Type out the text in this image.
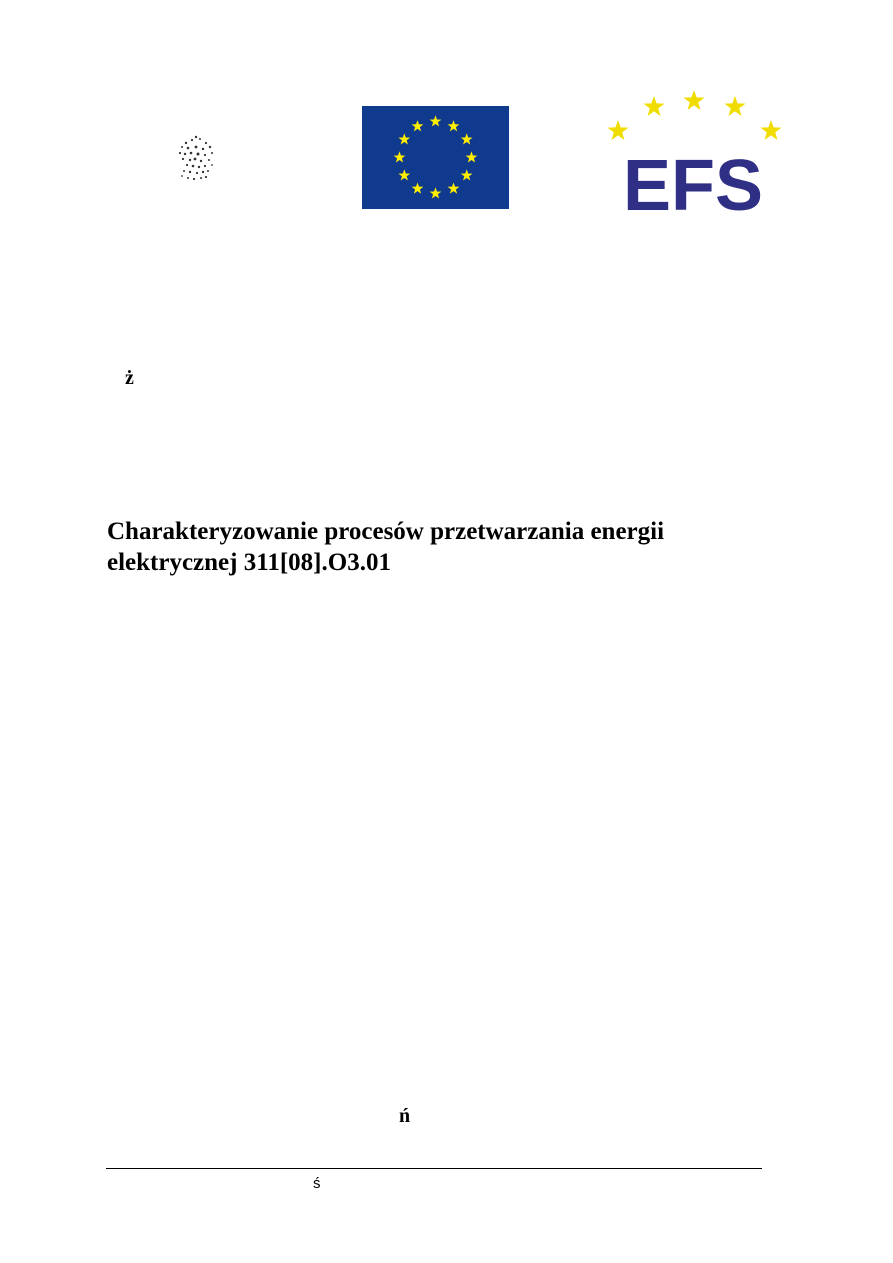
EFS
ż
Charakteryzowanie procesów przetwarzania energii
elektrycznej 311[08].O3.01
ń
ś
